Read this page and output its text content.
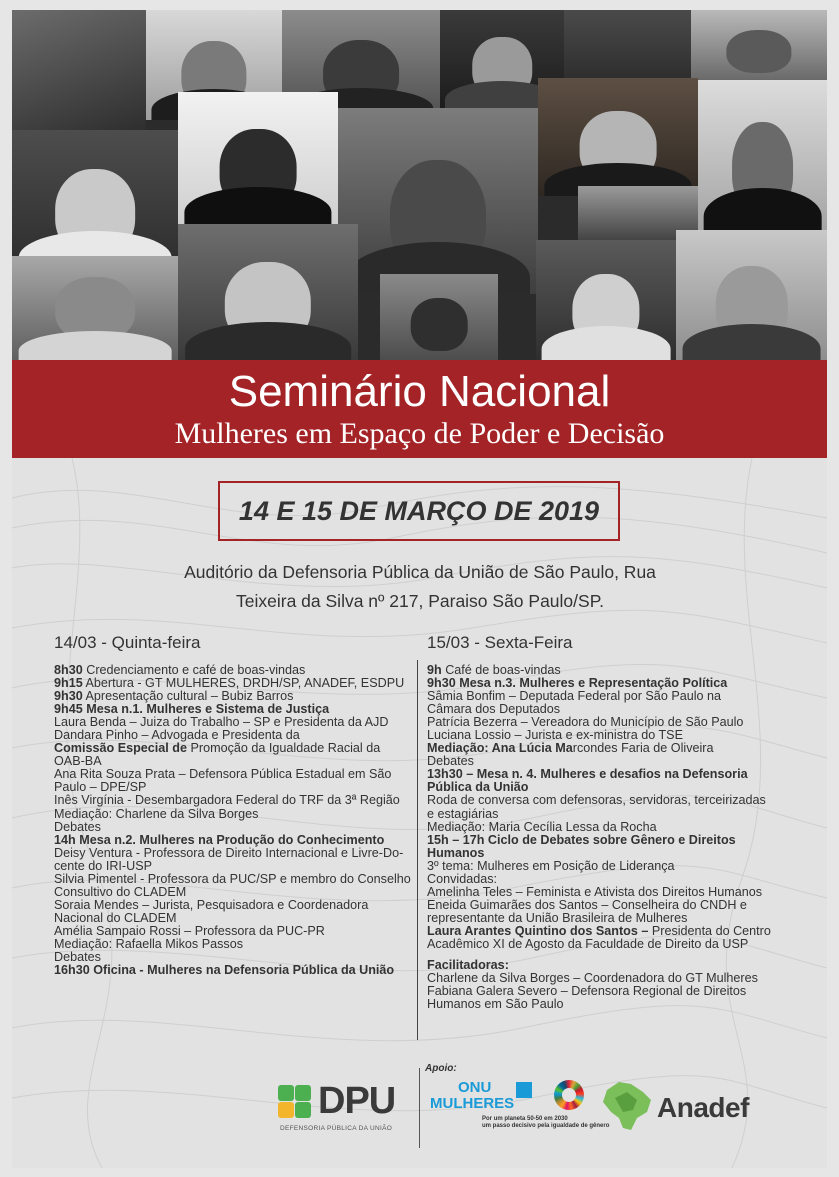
Seminário Nacional
Mulheres em Espaço de Poder e Decisão
14 E 15 DE MARÇO DE 2019
Auditório da Defensoria Pública da União de São Paulo, Rua
Teixeira da Silva nº 217, Paraiso São Paulo/SP.
14/03 - Quinta-feira
8h30 Credenciamento e café de boas-vindas
9h15 Abertura - GT MULHERES, DRDH/SP, ANADEF, ESDPU
9h30 Apresentação cultural – Bubiz Barros
9h45 Mesa n.1. Mulheres e Sistema de Justiça
Laura Benda – Juiza do Trabalho – SP e Presidenta da AJD
Dandara Pinho – Advogada e Presidenta da
Comissão Especial de Promoção da Igualdade Racial da
OAB-BA
Ana Rita Souza Prata – Defensora Pública Estadual em São
Paulo – DPE/SP
Inês Virgínia - Desembargadora Federal do TRF da 3ª Região
Mediação: Charlene da Silva Borges
Debates
14h Mesa n.2. Mulheres na Produção do Conhecimento
Deisy Ventura - Professora de Direito Internacional e Livre-Do-
cente do IRI-USP
Silvia Pimentel - Professora da PUC/SP e membro do Conselho
Consultivo do CLADEM
Soraia Mendes – Jurista, Pesquisadora e Coordenadora
Nacional do CLADEM
Amélia Sampaio Rossi – Professora da PUC-PR
Mediação: Rafaella Mikos Passos
Debates
16h30 Oficina - Mulheres na Defensoria Pública da União
15/03 - Sexta-Feira
9h Café de boas-vindas
9h30 Mesa n.3. Mulheres e Representação Política
Sâmia Bonfim – Deputada Federal por São Paulo na
Câmara dos Deputados
Patrícia Bezerra – Vereadora do Município de São Paulo
Luciana Lossio – Jurista e ex-ministra do TSE
Mediação: Ana Lúcia Marcondes Faria de Oliveira
Debates
13h30 – Mesa n. 4. Mulheres e desafios na Defensoria
Pública da União
Roda de conversa com defensoras, servidoras, terceirizadas
e estagiárias
Mediação: Maria Cecília Lessa da Rocha
15h – 17h Ciclo de Debates sobre Gênero e Direitos
Humanos
3º tema: Mulheres em Posição de Liderança
Convidadas:
Amelinha Teles – Feminista e Ativista dos Direitos Humanos
Eneida Guimarães dos Santos – Conselheira do CNDH e
representante da União Brasileira de Mulheres
Laura Arantes Quintino dos Santos – Presidenta do Centro
Acadêmico XI de Agosto da Faculdade de Direito da USP
Facilitadoras:
Charlene da Silva Borges – Coordenadora do GT Mulheres
Fabiana Galera Severo – Defensora Regional de Direitos
Humanos em São Paulo
DPU
DEFENSORIA PÚBLICA DA UNIÃO
Apoio:
ONU
MULHERES
Por um planeta 50-50 em 2030
um passo decisivo pela igualdade de gênero
Anadef
